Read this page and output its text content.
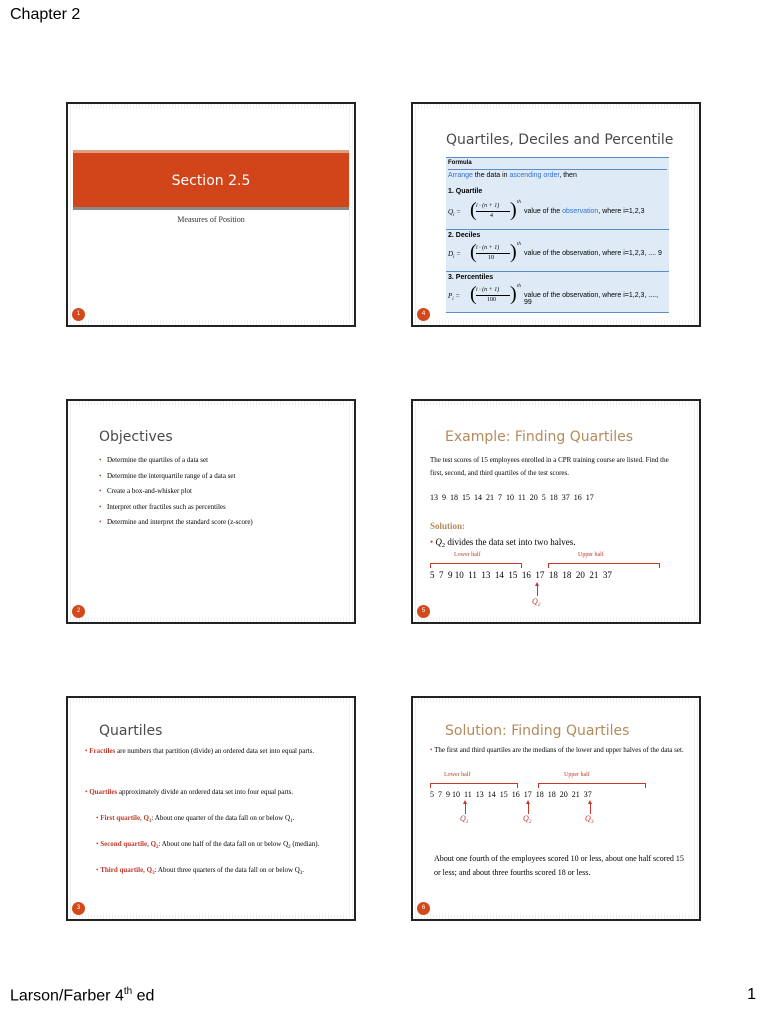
Chapter 2
Section 2.5
Measures of Position
1
Quartiles, Deciles and Percentile
Formula
Arrange the data in ascending order, then
1. Quartile
$Q_i$ = ( i · (n + 1)
4 ) th
value of the observation, where i=1,2,3
2. Deciles
$D_i$ = ( i · (n + 1)
10 ) th
value of the observation, where i=1,2,3, .... 9
3. Percentiles
$P_i$ = ( i · (n + 1)
100 ) th
value of the observation, where i=1,2,3, ...., 99
4
Objectives
• Determine the quartiles of a data set
• Determine the interquartile range of a data set
• Create a box-and-whisker plot
• Interpret other fractiles such as percentiles
• Determine and interpret the standard score (z-score)
2
Example: Finding Quartiles
The test scores of 15 employees enrolled in a CPR training course are listed. Find the first, second, and third quartiles of the test scores.
13  9  18  15  14  21  7  10  11  20  5  18  37  16  17
Solution:
• $Q_2$ divides the data set into two halves.
Lower half	Upper half
5  7  9 10  11  13  14  15  16  17  18  18  20  21  37
$Q_2$
5
Quartiles
• Fractiles are numbers that partition (divide) an ordered data set into equal parts.
• Quartiles approximately divide an ordered data set into four equal parts.
• First quartile, $Q_1$: About one quarter of the data fall on or below $Q_1$.
• Second quartile, $Q_2$: About one half of the data fall on or below $Q_2$ (median).
• Third quartile, $Q_3$: About three quarters of the data fall on or below $Q_3$.
3
Solution: Finding Quartiles
• The first and third quartiles are the medians of the lower and upper halves of the data set.
Lower half	Upper half
5  7  9 10  11  13  14  15  16  17  18  18  20  21  37
$Q_1$	$Q_2$	$Q_3$
About one fourth of the employees scored 10 or less, about one half scored 15 or less; and about three fourths scored 18 or less.
6
Larson/Farber 4th ed	1
